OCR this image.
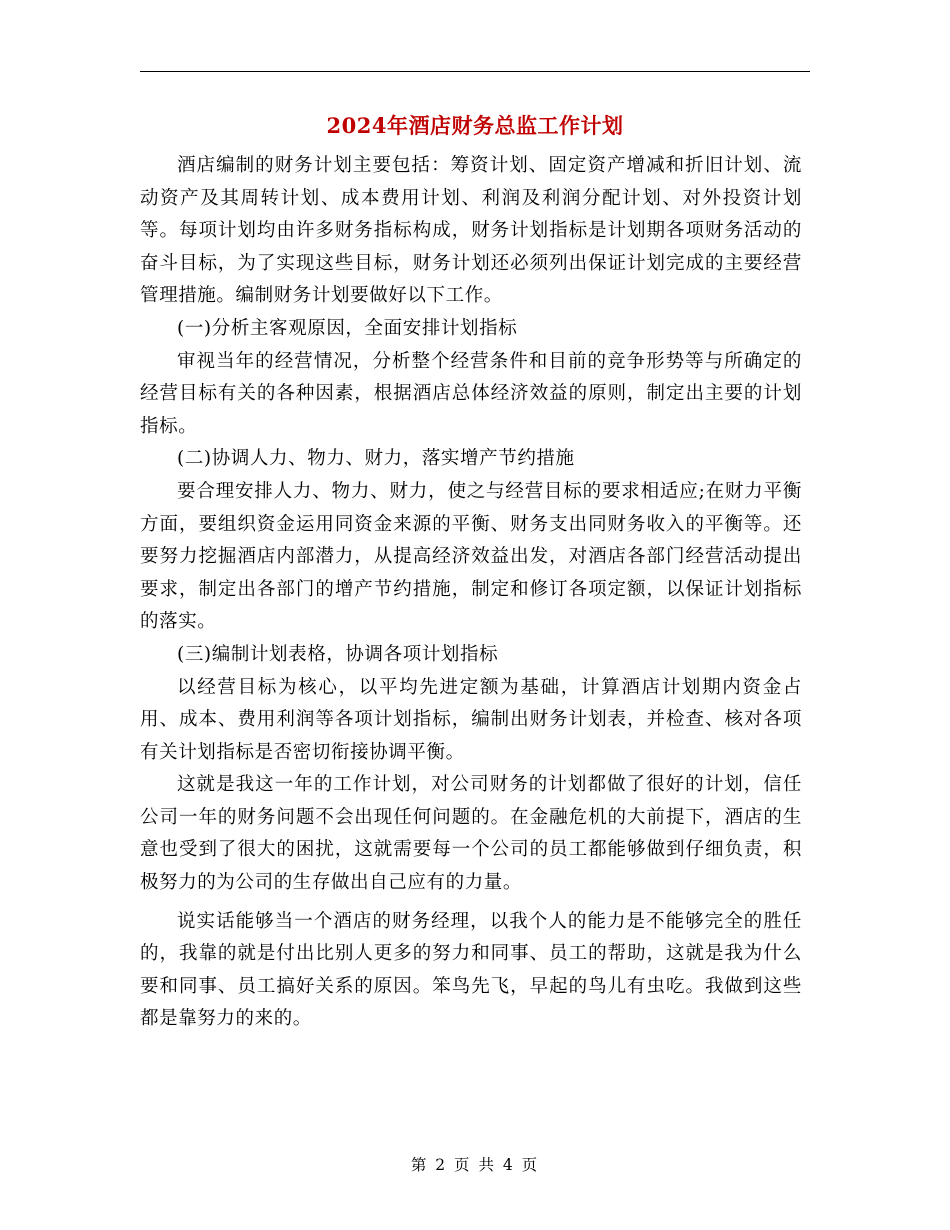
2024年酒店财务总监工作计划

酒店编制的财务计划主要包括：筹资计划、固定资产增减和折旧计划、流动资产及其周转计划、成本费用计划、利润及利润分配计划、对外投资计划等。每项计划均由许多财务指标构成，财务计划指标是计划期各项财务活动的奋斗目标，为了实现这些目标，财务计划还必须列出保证计划完成的主要经营管理措施。编制财务计划要做好以下工作。

(一)分析主客观原因，全面安排计划指标

审视当年的经营情况，分析整个经营条件和目前的竞争形势等与所确定的经营目标有关的各种因素，根据酒店总体经济效益的原则，制定出主要的计划指标。

(二)协调人力、物力、财力，落实增产节约措施

要合理安排人力、物力、财力，使之与经营目标的要求相适应;在财力平衡方面，要组织资金运用同资金来源的平衡、财务支出同财务收入的平衡等。还要努力挖掘酒店内部潜力，从提高经济效益出发，对酒店各部门经营活动提出要求，制定出各部门的增产节约措施，制定和修订各项定额，以保证计划指标的落实。

(三)编制计划表格，协调各项计划指标

以经营目标为核心，以平均先进定额为基础，计算酒店计划期内资金占用、成本、费用利润等各项计划指标，编制出财务计划表，并检查、核对各项有关计划指标是否密切衔接协调平衡。

这就是我这一年的工作计划，对公司财务的计划都做了很好的计划，信任公司一年的财务问题不会出现任何问题的。在金融危机的大前提下，酒店的生意也受到了很大的困扰，这就需要每一个公司的员工都能够做到仔细负责，积极努力的为公司的生存做出自己应有的力量。

说实话能够当一个酒店的财务经理，以我个人的能力是不能够完全的胜任的，我靠的就是付出比别人更多的努力和同事、员工的帮助，这就是我为什么要和同事、员工搞好关系的原因。笨鸟先飞，早起的鸟儿有虫吃。我做到这些都是靠努力的来的。

第 2 页 共 4 页
